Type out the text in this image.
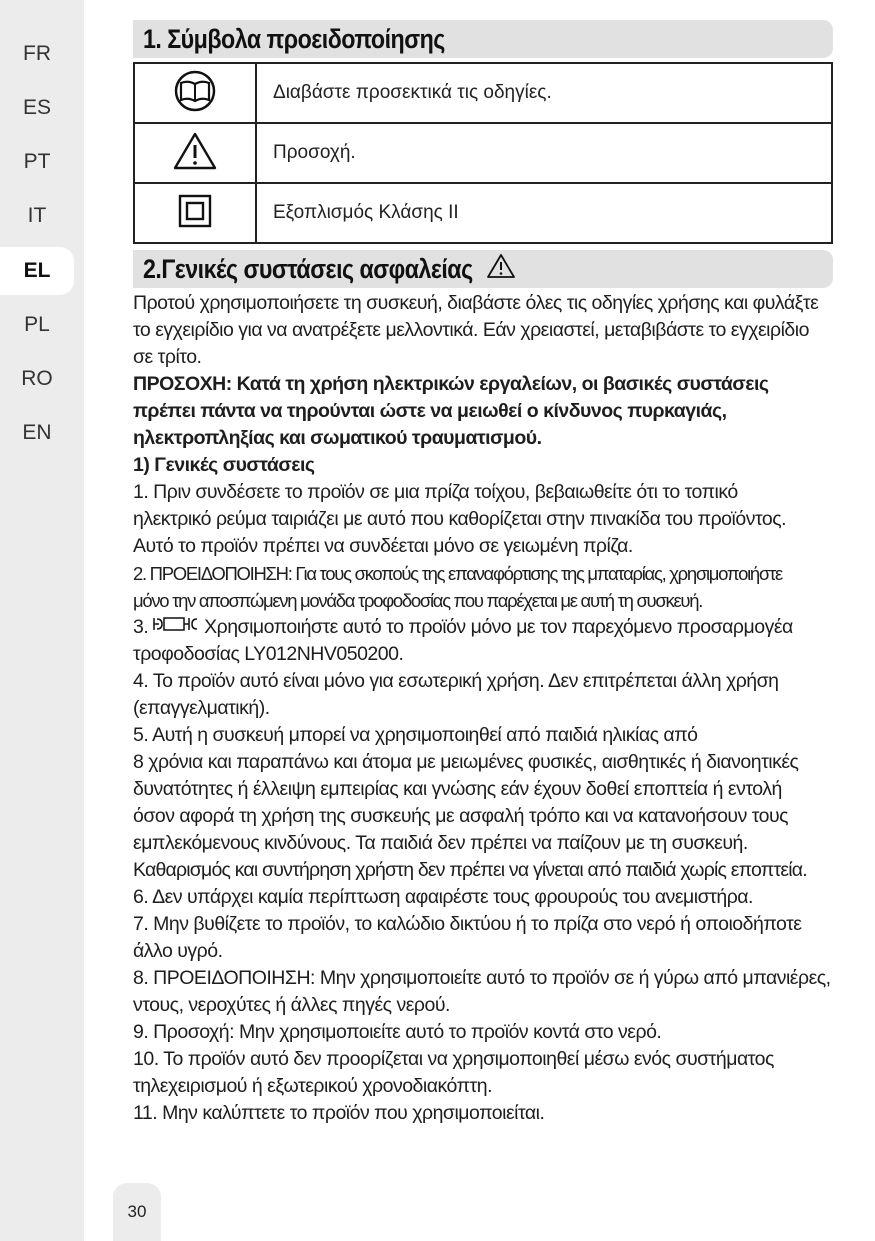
FR
ES
PT
IT
EL
PL
RO
EN
30
1. Σύμβολα προειδοποίησης
	Διαβάστε προσεκτικά τις οδηγίες.
	Προσοχή.
	Εξοπλισμός Κλάσης ΙΙ
2.Γενικές συστάσεις ασφαλείας

Προτού χρησιμοποιήσετε τη συσκευή, διαβάστε όλες τις οδηγίες χρήσης και φυλάξτε

το εγχειρίδιο για να ανατρέξετε μελλοντικά. Εάν χρειαστεί, μεταβιβάστε το εγχειρίδιο

σε τρίτο.

ΠΡΟΣΟΧΗ: Κατά τη χρήση ηλεκτρικών εργαλείων, οι βασικές συστάσεις

πρέπει πάντα να τηρούνται ώστε να μειωθεί ο κίνδυνος πυρκαγιάς,

ηλεκτροπληξίας και σωματικού τραυματισμού.

1) Γενικές συστάσεις

1. Πριν συνδέσετε το προϊόν σε μια πρίζα τοίχου, βεβαιωθείτε ότι το τοπικό

ηλεκτρικό ρεύμα ταιριάζει με αυτό που καθορίζεται στην πινακίδα του προϊόντος.

Αυτό το προϊόν πρέπει να συνδέεται μόνο σε γειωμένη πρίζα.

2. ΠΡΟΕΙΔΟΠΟΙΗΣΗ: Για τους σκοπούς της επαναφόρτισης της μπαταρίας, χρησιμοποιήστε

μόνο την αποσπώμενη μονάδα τροφοδοσίας που παρέχεται με αυτή τη συσκευή.

3.	Χρησιμοποιήστε αυτό το προϊόν μόνο με τον παρεχόμενο προσαρμογέα

τροφοδοσίας LY012NHV050200.

4. Το προϊόν αυτό είναι μόνο για εσωτερική χρήση. Δεν επιτρέπεται άλλη χρήση

(επαγγελματική).

5. Αυτή η συσκευή μπορεί να χρησιμοποιηθεί από παιδιά ηλικίας από

8 χρόνια και παραπάνω και άτομα με μειωμένες φυσικές, αισθητικές ή διανοητικές

δυνατότητες ή έλλειψη εμπειρίας και γνώσης εάν έχουν δοθεί εποπτεία ή εντολή

όσον αφορά τη χρήση της συσκευής με ασφαλή τρόπο και να κατανοήσουν τους

εμπλεκόμενους κινδύνους. Τα παιδιά δεν πρέπει να παίζουν με τη συσκευή.

Καθαρισμός και συντήρηση χρήστη δεν πρέπει να γίνεται από παιδιά χωρίς εποπτεία.

6. Δεν υπάρχει καμία περίπτωση αφαιρέστε τους φρουρούς του ανεμιστήρα.

7. Μην βυθίζετε το προϊόν, το καλώδιο δικτύου ή το πρίζα στο νερό ή οποιοδήποτε

άλλο υγρό.

8. ΠΡΟΕΙΔΟΠΟΙΗΣΗ: Μην χρησιμοποιείτε αυτό το προϊόν σε ή γύρω από μπανιέρες,

ντους, νεροχύτες ή άλλες πηγές νερού.

9. Προσοχή: Μην χρησιμοποιείτε αυτό το προϊόν κοντά στο νερό.

10. Το προϊόν αυτό δεν προορίζεται να χρησιμοποιηθεί μέσω ενός συστήματος

τηλεχειρισμού ή εξωτερικού χρονοδιακόπτη.

11. Μην καλύπτετε το προϊόν που χρησιμοποιείται.
